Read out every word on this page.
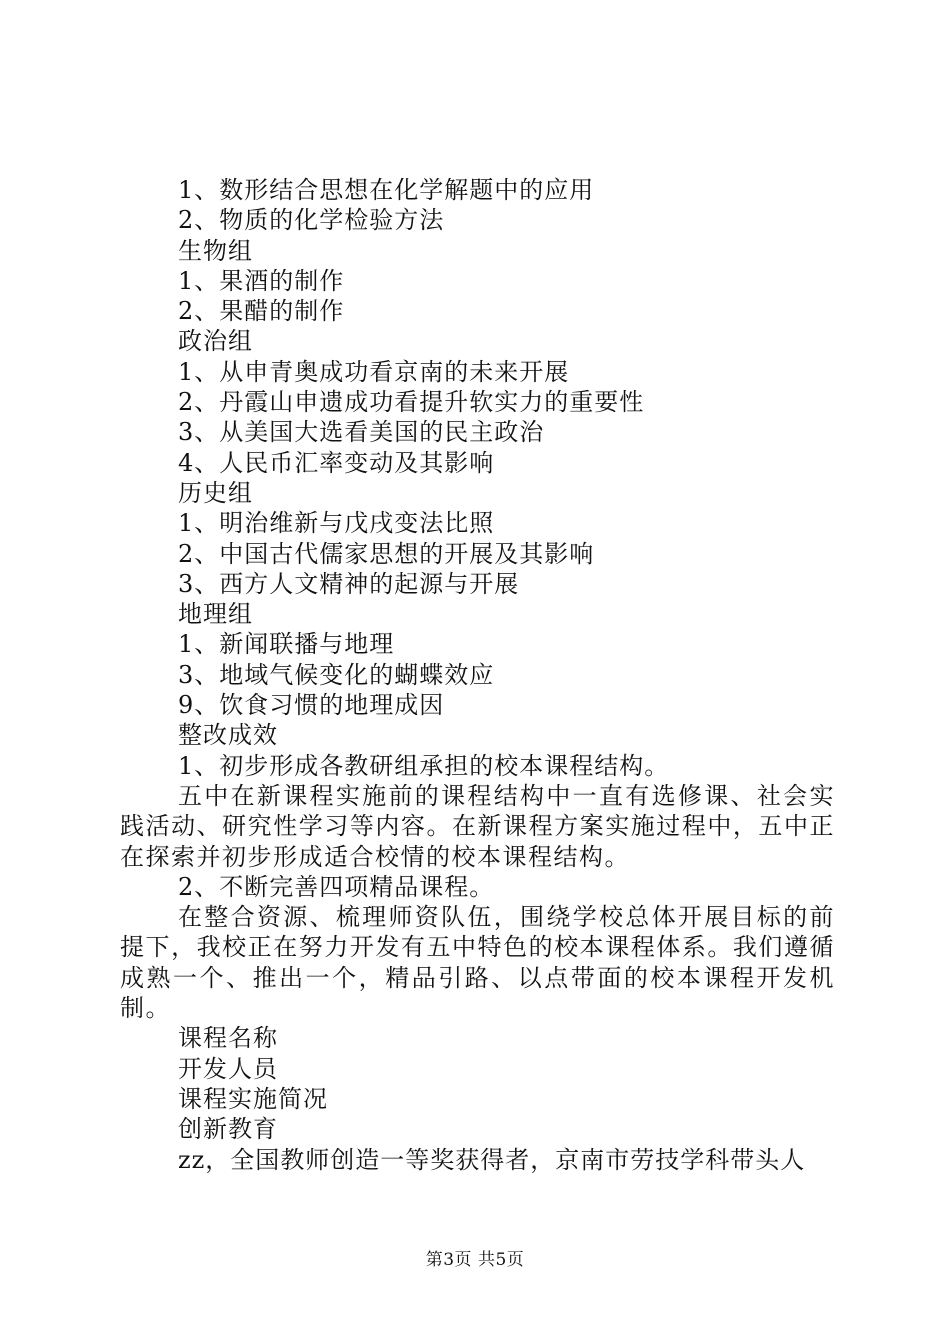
1、数形结合思想在化学解题中的应用

2、物质的化学检验方法

生物组

1、果酒的制作

2、果醋的制作

政治组

1、从申青奥成功看京南的未来开展

2、丹霞山申遗成功看提升软实力的重要性

3、从美国大选看美国的民主政治

4、人民币汇率变动及其影响

历史组

1、明治维新与戊戌变法比照

2、中国古代儒家思想的开展及其影响

3、西方人文精神的起源与开展

地理组

1、新闻联播与地理

3、地域气候变化的蝴蝶效应

9、饮食习惯的地理成因

整改成效

1、初步形成各教研组承担的校本课程结构。

五中在新课程实施前的课程结构中一直有选修课、社会实践活动、研究性学习等内容。在新课程方案实施过程中，五中正在探索并初步形成适合校情的校本课程结构。

2、不断完善四项精品课程。

在整合资源、梳理师资队伍，围绕学校总体开展目标的前提下，我校正在努力开发有五中特色的校本课程体系。我们遵循成熟一个、推出一个，精品引路、以点带面的校本课程开发机制。

课程名称

开发人员

课程实施简况

创新教育

zz，全国教师创造一等奖获得者，京南市劳技学科带头人

第3页 共5页
